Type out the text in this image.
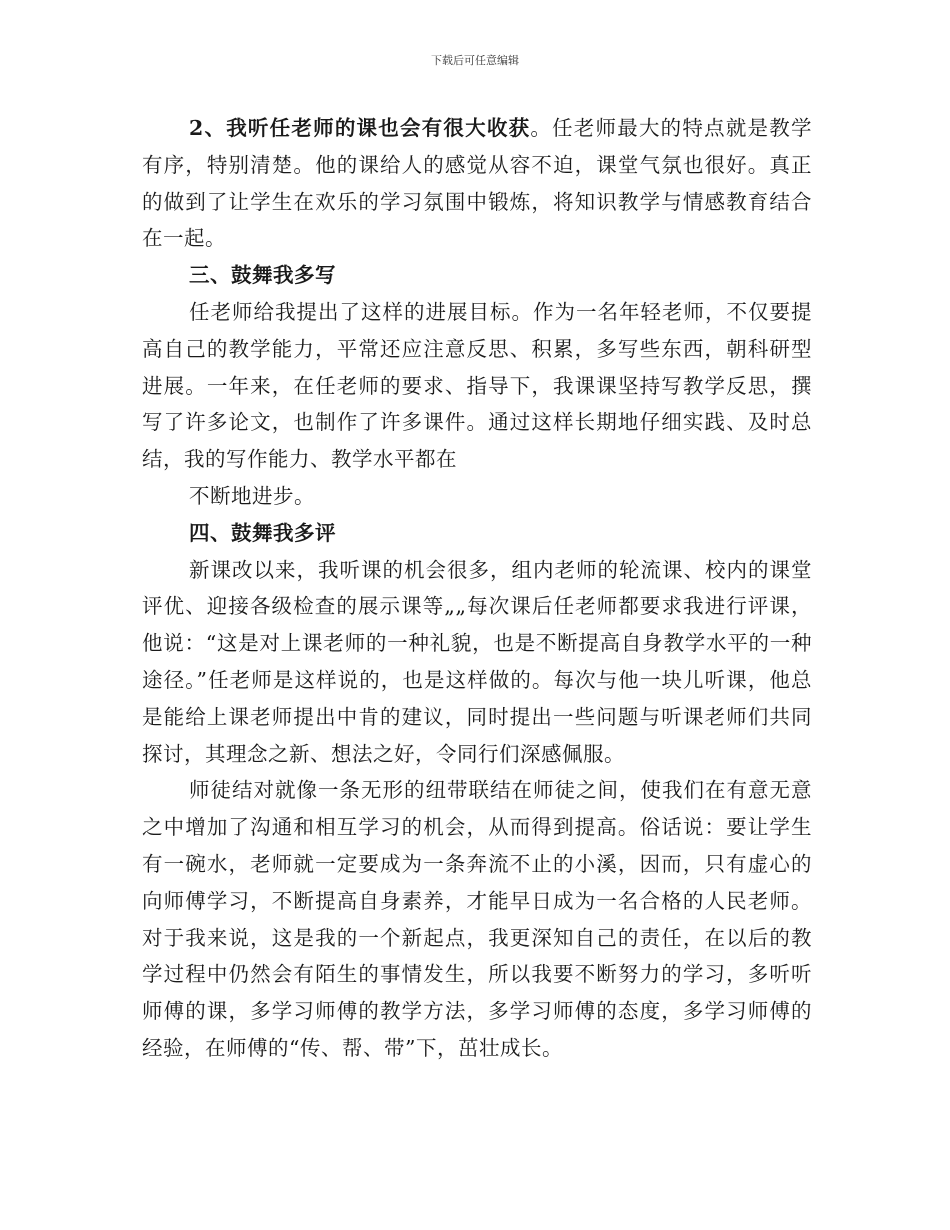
下载后可任意编辑

2、我听任老师的课也会有很大收获。任老师最大的特点就是教学有序，特别清楚。他的课给人的感觉从容不迫，课堂气氛也很好。真正的做到了让学生在欢乐的学习氛围中锻炼，将知识教学与情感教育结合在一起。

三、鼓舞我多写

任老师给我提出了这样的进展目标。作为一名年轻老师，不仅要提高自己的教学能力，平常还应注意反思、积累，多写些东西，朝科研型进展。一年来，在任老师的要求、指导下，我课课坚持写教学反思，撰写了许多论文，也制作了许多课件。通过这样长期地仔细实践、及时总结，我的写作能力、教学水平都在

不断地进步。

四、鼓舞我多评

新课改以来，我听课的机会很多，组内老师的轮流课、校内的课堂评优、迎接各级检查的展示课等„„每次课后任老师都要求我进行评课，他说：“这是对上课老师的一种礼貌，也是不断提高自身教学水平的一种途径。”任老师是这样说的，也是这样做的。每次与他一块儿听课，他总是能给上课老师提出中肯的建议，同时提出一些问题与听课老师们共同探讨，其理念之新、想法之好，令同行们深感佩服。

师徒结对就像一条无形的纽带联结在师徒之间，使我们在有意无意之中增加了沟通和相互学习的机会，从而得到提高。俗话说：要让学生有一碗水，老师就一定要成为一条奔流不止的小溪，因而，只有虚心的向师傅学习，不断提高自身素养，才能早日成为一名合格的人民老师。对于我来说，这是我的一个新起点，我更深知自己的责任，在以后的教学过程中仍然会有陌生的事情发生，所以我要不断努力的学习，多听听师傅的课，多学习师傅的教学方法，多学习师傅的态度，多学习师傅的经验，在师傅的“传、帮、带”下，茁壮成长。
